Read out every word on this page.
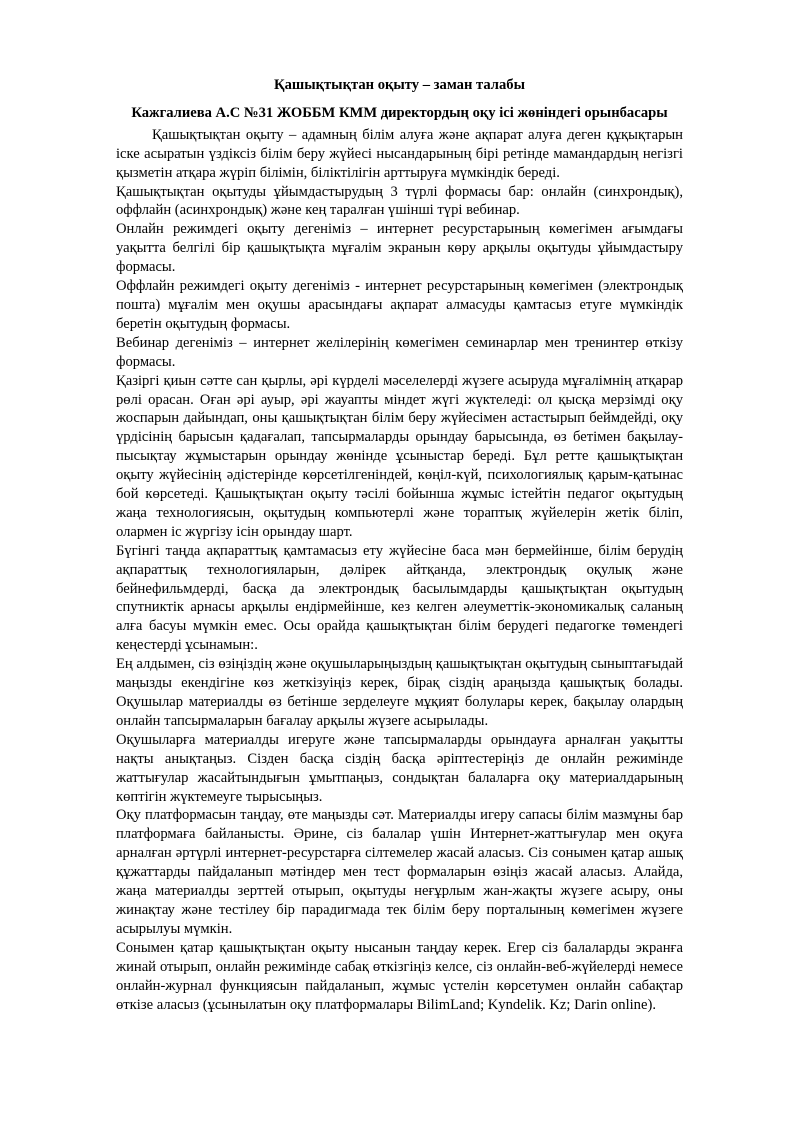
Қашықтықтан оқыту – заман талабы
Кажгалиева А.С №31 ЖОББМ КММ директордың оқу ісі жөніндегі орынбасары

Қашықтықтан оқыту – адамның білім алуға және ақпарат алуға деген құқықтарын іске асыратын үздіксіз білім беру жүйесі нысандарының бірі ретінде мамандардың негізгі қызметін атқара жүріп білімін, біліктілігін арттыруға мүмкіндік береді.

Қашықтықтан оқытуды ұйымдастырудың 3 түрлі формасы бар: онлайн (синхрондық), оффлайн (асинхрондық) және кең таралған үшінші түрі вебинар.

Онлайн режимдегі оқыту дегеніміз – интернет ресурстарының көмегімен ағымдағы уақытта белгілі бір қашықтықта мұғалім экранын көру арқылы оқытуды ұйымдастыру формасы.

Оффлайн режимдегі оқыту дегеніміз - интернет ресурстарының көмегімен (электрондық пошта) мұғалім мен оқушы арасындағы ақпарат алмасуды қамтасыз етуге мүмкіндік беретін оқытудың формасы.

Вебинар дегеніміз – интернет желілерінің көмегімен семинарлар мен тренинтер өткізу формасы.

Қазіргі қиын сәтте сан қырлы, әрі күрделі мәселелерді жүзеге асыруда мұғалімнің атқарар рөлі орасан. Оған әрі ауыр, әрі жауапты міндет жүгі жүктеледі: ол қысқа мерзімді оқу жоспарын дайындап, оны қашықтықтан білім беру жүйесімен астастырып беймдейді, оқу үрдісінің барысын қадағалап, тапсырмаларды орындау барысында, өз бетімен бақылау-пысықтау жұмыстарын орындау жөнінде ұсыныстар береді. Бұл ретте қашықтықтан оқыту жүйесінің әдістерінде көрсетілгеніндей, көңіл-күй, психологиялық қарым-қатынас бой көрсетеді. Қашықтықтан оқыту тәсілі бойынша жұмыс істейтін педагог оқытудың жаңа технологиясын, оқытудың компьютерлі және тораптық жүйелерін жетік біліп, олармен іс жүргізу ісін орындау шарт.

Бүгінгі таңда ақпараттық қамтамасыз ету жүйесіне баса мән бермейінше, білім берудің ақпараттық технологияларын, дәлірек айтқанда, электрондық оқулық және бейнефильмдерді, басқа да электрондық басылымдарды қашықтықтан оқытудың спутниктік арнасы арқылы ендірмейінше, кез келген әлеуметтік-экономикалық саланың алға басуы мүмкін емес. Осы орайда қашықтықтан білім берудегі педагогке төмендегі кеңестерді ұсынамын:.

Ең алдымен, сіз өзіңіздің және оқушыларыңыздың қашықтықтан оқытудың сыныптағыдай маңызды екендігіне көз жеткізуіңіз керек, бірақ сіздің араңызда қашықтық болады. Оқушылар материалды өз бетінше зерделеуге мұқият болулары керек, бақылау олардың онлайн тапсырмаларын бағалау арқылы жүзеге асырылады.

Оқушыларға материалды игеруге және тапсырмаларды орындауға арналған уақытты нақты анықтаңыз. Сізден басқа сіздің басқа әріптестеріңіз де онлайн режимінде жаттығулар жасайтындығын ұмытпаңыз, сондықтан балаларға оқу материалдарының көптігін жүктемеуге тырысыңыз.

Оқу платформасын таңдау, өте маңызды сәт. Материалды игеру сапасы білім мазмұны бар платформаға байланысты. Әрине, сіз балалар үшін Интернет-жаттығулар мен оқуға арналған әртүрлі интернет-ресурстарға сілтемелер жасай аласыз. Сіз сонымен қатар ашық құжаттарды пайдаланып мәтіндер мен тест формаларын өзіңіз жасай аласыз. Алайда, жаңа материалды зерттей отырып, оқытуды неғұрлым жан-жақты жүзеге асыру, оны жинақтау және тестілеу бір парадигмада тек білім беру порталының көмегімен жүзеге асырылуы мүмкін.

Сонымен қатар қашықтықтан оқыту нысанын таңдау керек. Егер сіз балаларды экранға жинай отырып, онлайн режимінде сабақ өткізгіңіз келсе, сіз онлайн-веб-жүйелерді немесе онлайн-журнал функциясын пайдаланып, жұмыс үстелін көрсетумен онлайн сабақтар өткізе аласыз (ұсынылатын оқу платформалары BilimLand; Kyndelik. Kz; Darin online).
